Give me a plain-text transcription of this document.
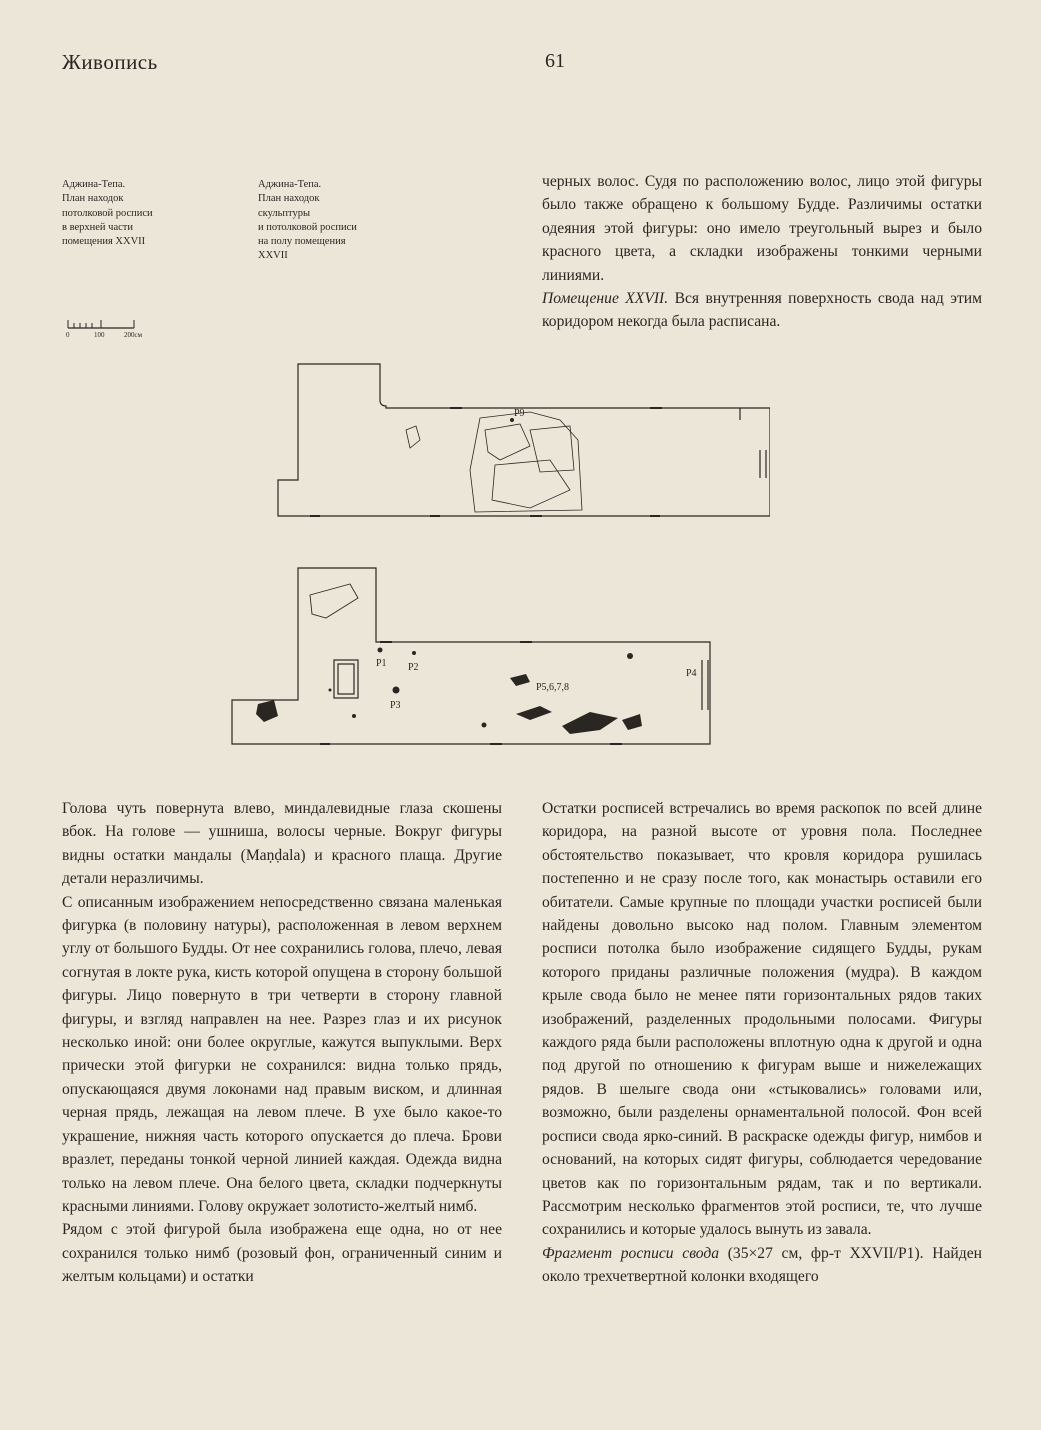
Живопись	61
Аджина-Тепа.
План находок
потолковой росписи
в верхней части
помещения XXVII
Аджина-Тепа.
План находок
скульптуры
и потолковой росписи
на полу помещения
XXVII
0	100	200см

черных волос. Судя по расположению волос, лицо этой фигуры было также обращено к большому Будде. Различимы остатки одеяния этой фигуры: оно имело треугольный вырез и было красного цвета, а складки изображены тонкими черными линиями.

Помещение XXVII. Вся внутренняя поверхность свода над этим коридором некогда была расписана.

P9
P1 P2
P3
P4
P5,6,7,8

Голова чуть повернута влево, миндалевидные глаза скошены вбок. На голове — ушниша, волосы черные. Вокруг фигуры видны остатки мандалы (Maṇḍala) и красного плаща. Другие детали неразличимы.

С описанным изображением непосредственно связана маленькая фигурка (в половину натуры), расположенная в левом верхнем углу от большого Будды. От нее сохранились голова, плечо, левая согнутая в локте рука, кисть которой опущена в сторону большой фигуры. Лицо повернуто в три четверти в сторону главной фигуры, и взгляд направлен на нее. Разрез глаз и их рисунок несколько иной: они более округлые, кажутся выпуклыми. Верх прически этой фигурки не сохранился: видна только прядь, опускающаяся двумя локонами над правым виском, и длинная черная прядь, лежащая на левом плече. В ухе было какое-то украшение, нижняя часть которого опускается до плеча. Брови вразлет, переданы тонкой черной линией каждая. Одежда видна только на левом плече. Она белого цвета, складки подчеркнуты красными линиями. Голову окружает золотисто-желтый нимб.

Рядом с этой фигурой была изображена еще одна, но от нее сохранился только нимб (розовый фон, ограниченный синим и желтым кольцами) и остатки

Остатки росписей встречались во время раскопок по всей длине коридора, на разной высоте от уровня пола. Последнее обстоятельство показывает, что кровля коридора рушилась постепенно и не сразу после того, как монастырь оставили его обитатели. Самые крупные по площади участки росписей были найдены довольно высоко над полом. Главным элементом росписи потолка было изображение сидящего Будды, рукам которого приданы различные положения (мудра). В каждом крыле свода было не менее пяти горизонтальных рядов таких изображений, разделенных продольными полосами. Фигуры каждого ряда были расположены вплотную одна к другой и одна под другой по отношению к фигурам выше и нижележащих рядов. В шелыге свода они «стыковались» головами или, возможно, были разделены орнаментальной полосой. Фон всей росписи свода ярко-синий. В раскраске одежды фигур, нимбов и оснований, на которых сидят фигуры, соблюдается чередование цветов как по горизонтальным рядам, так и по вертикали. Рассмотрим несколько фрагментов этой росписи, те, что лучше сохранились и которые удалось вынуть из завала.

Фрагмент росписи свода (35×27 см, фр-т XXVII/P1). Найден около трехчетвертной колонки входящего
